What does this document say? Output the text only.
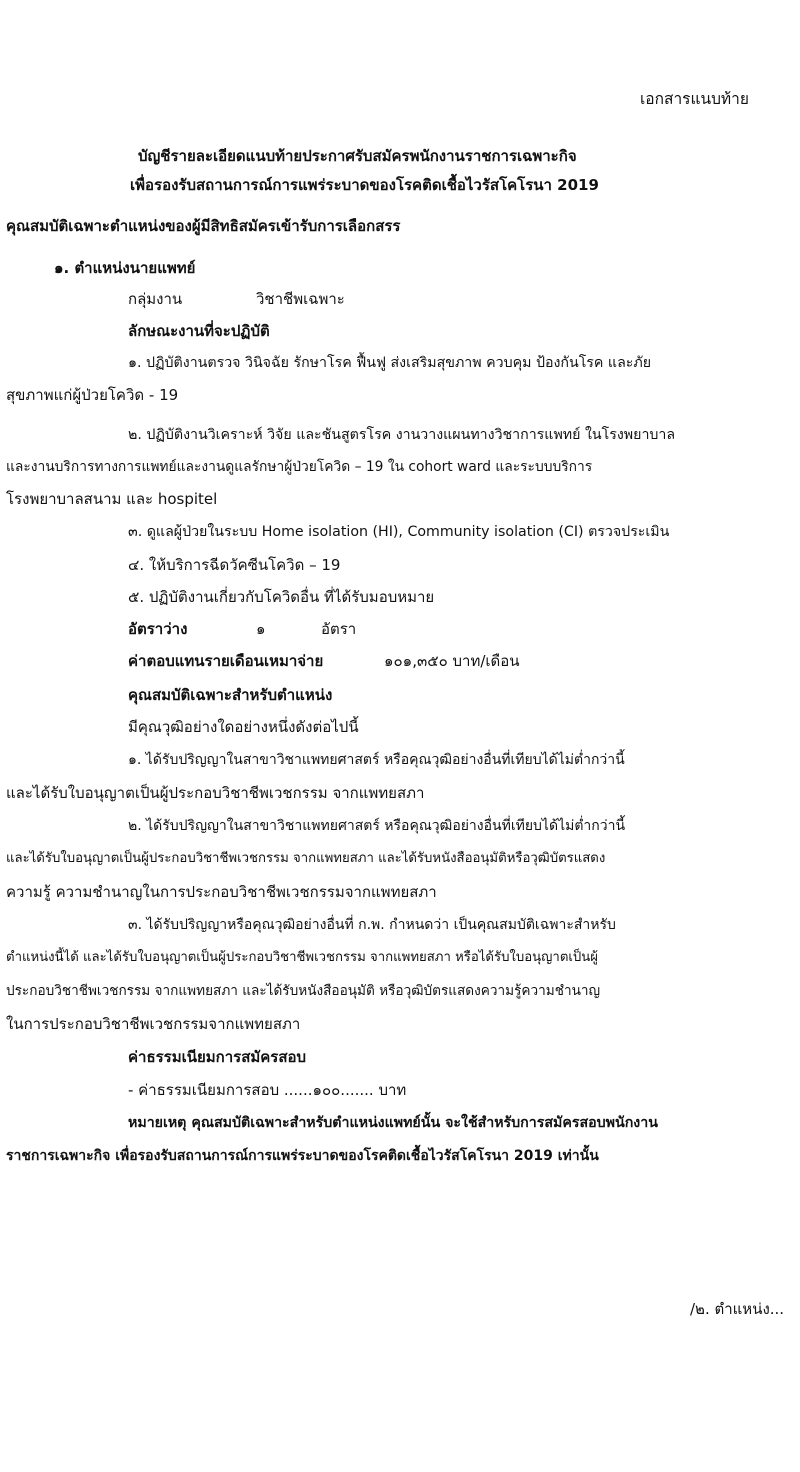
เอกสารแนบท้าย
บัญชีรายละเอียดแนบท้ายประกาศรับสมัครพนักงานราชการเฉพาะกิจ
เพื่อรองรับสถานการณ์การแพร่ระบาดของโรคติดเชื้อไวรัสโคโรนา 2019
คุณสมบัติเฉพาะตำแหน่งของผู้มีสิทธิสมัครเข้ารับการเลือกสรร
๑. ตำแหน่งนายแพทย์
กลุ่มงาน	วิชาชีพเฉพาะ
ลักษณะงานที่จะปฏิบัติ
๑. ปฏิบัติงานตรวจ วินิจฉัย รักษาโรค ฟื้นฟู ส่งเสริมสุขภาพ ควบคุม ป้องกันโรค และภัย
สุขภาพแก่ผู้ป่วยโควิด - 19
๒. ปฏิบัติงานวิเคราะห์ วิจัย และชันสูตรโรค งานวางแผนทางวิชาการแพทย์ ในโรงพยาบาล
และงานบริการทางการแพทย์และงานดูแลรักษาผู้ป่วยโควิด – 19 ใน cohort ward และระบบบริการ
โรงพยาบาลสนาม และ hospitel
๓. ดูแลผู้ป่วยในระบบ Home isolation (HI), Community isolation (CI) ตรวจประเมิน
๔. ให้บริการฉีดวัคซีนโควิด – 19
๕. ปฏิบัติงานเกี่ยวกับโควิดอื่น ที่ได้รับมอบหมาย
อัตราว่าง	๑	อัตรา
ค่าตอบแทนรายเดือนเหมาจ่าย	๑๐๑,๓๕๐ บาท/เดือน
คุณสมบัติเฉพาะสำหรับตำแหน่ง
มีคุณวุฒิอย่างใดอย่างหนึ่งดังต่อไปนี้
๑. ได้รับปริญญาในสาขาวิชาแพทยศาสตร์ หรือคุณวุฒิอย่างอื่นที่เทียบได้ไม่ต่ำกว่านี้
และได้รับใบอนุญาตเป็นผู้ประกอบวิชาชีพเวชกรรม จากแพทยสภา
๒. ได้รับปริญญาในสาขาวิชาแพทยศาสตร์ หรือคุณวุฒิอย่างอื่นที่เทียบได้ไม่ต่ำกว่านี้
และได้รับใบอนุญาตเป็นผู้ประกอบวิชาชีพเวชกรรม จากแพทยสภา และได้รับหนังสืออนุมัติหรือวุฒิบัตรแสดง
ความรู้ ความชำนาญในการประกอบวิชาชีพเวชกรรมจากแพทยสภา
๓. ได้รับปริญญาหรือคุณวุฒิอย่างอื่นที่ ก.พ. กำหนดว่า เป็นคุณสมบัติเฉพาะสำหรับ
ตำแหน่งนี้ได้ และได้รับใบอนุญาตเป็นผู้ประกอบวิชาชีพเวชกรรม จากแพทยสภา หรือได้รับใบอนุญาตเป็นผู้
ประกอบวิชาชีพเวชกรรม จากแพทยสภา และได้รับหนังสืออนุมัติ หรือวุฒิบัตรแสดงความรู้ความชำนาญ
ในการประกอบวิชาชีพเวชกรรมจากแพทยสภา
ค่าธรรมเนียมการสมัครสอบ
- ค่าธรรมเนียมการสอบ ......๑๐๐....... บาท
หมายเหตุ คุณสมบัติเฉพาะสำหรับตำแหน่งแพทย์นั้น จะใช้สำหรับการสมัครสอบพนักงาน
ราชการเฉพาะกิจ เพื่อรองรับสถานการณ์การแพร่ระบาดของโรคติดเชื้อไวรัสโคโรนา 2019 เท่านั้น
/๒. ตำแหน่ง...
